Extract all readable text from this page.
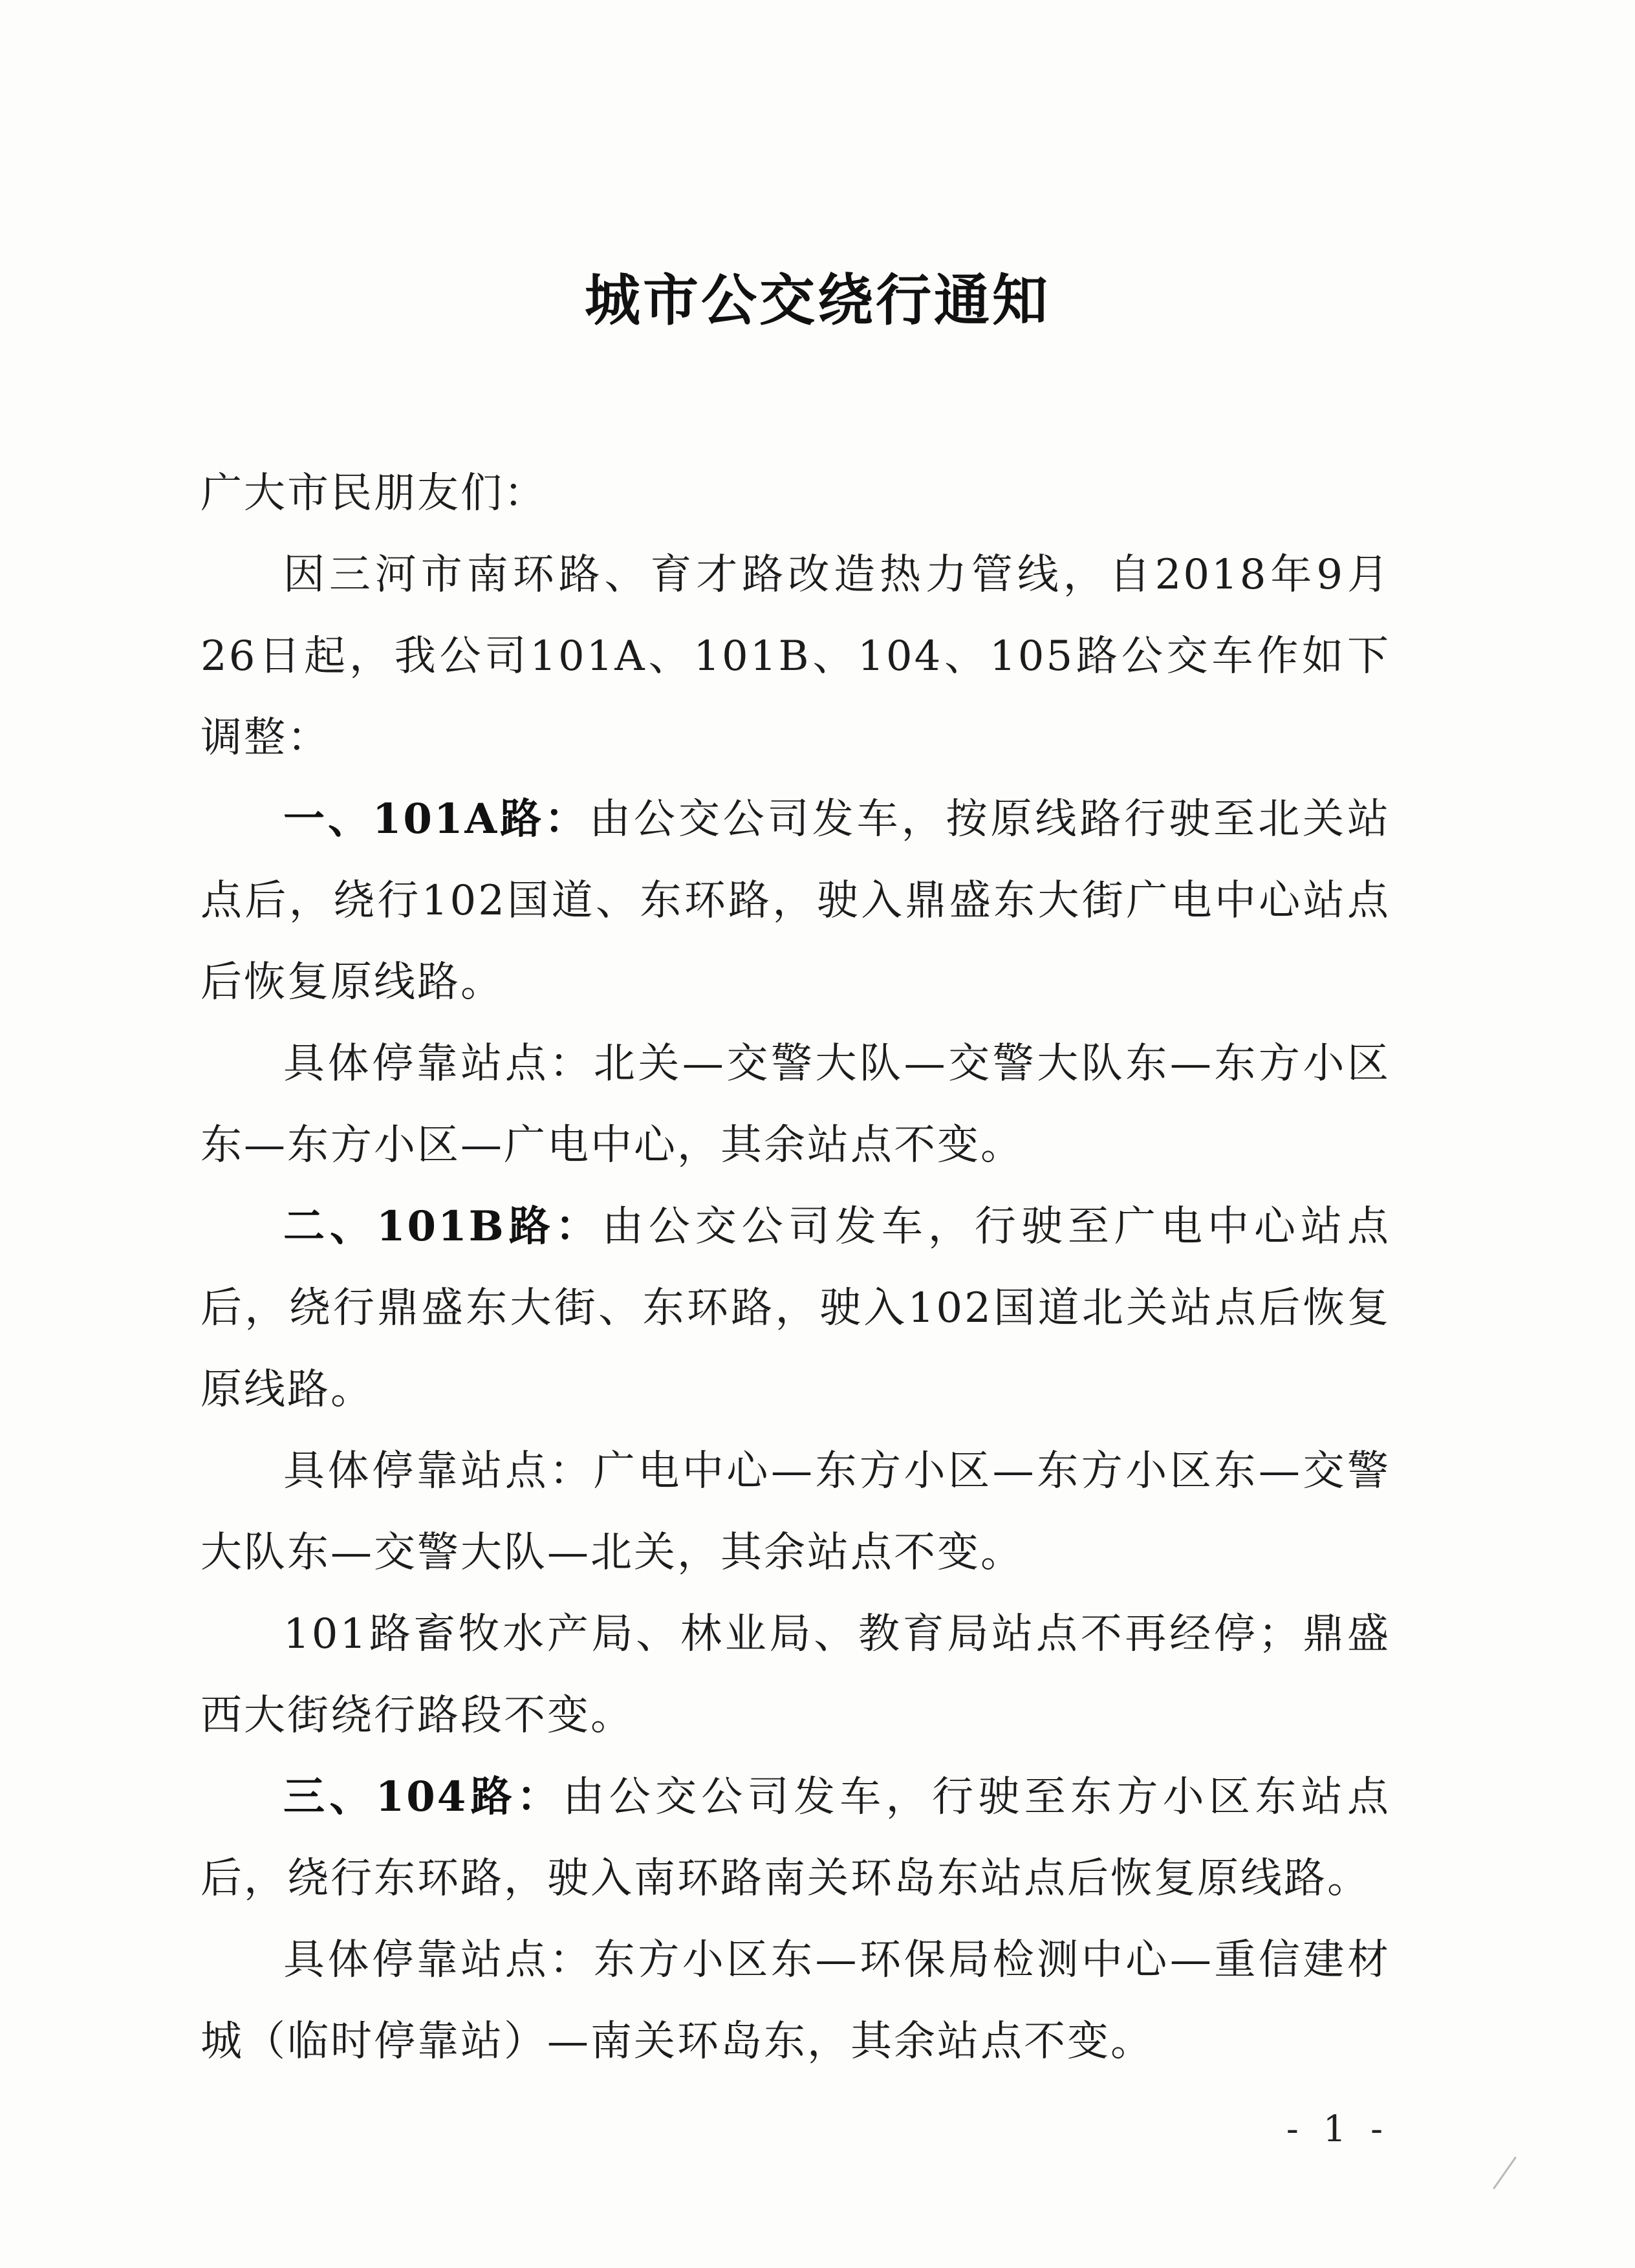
城市公交绕行通知

广大市民朋友们：

因三河市南环路、育才路改造热力管线，自2018年9月26日起，我公司101A、101B、104、105路公交车作如下调整：

一、101A路：由公交公司发车，按原线路行驶至北关站点后，绕行102国道、东环路，驶入鼎盛东大街广电中心站点后恢复原线路。

具体停靠站点：北关—交警大队—交警大队东—东方小区东—东方小区—广电中心，其余站点不变。

二、101B路：由公交公司发车，行驶至广电中心站点后，绕行鼎盛东大街、东环路，驶入102国道北关站点后恢复原线路。

具体停靠站点：广电中心—东方小区—东方小区东—交警大队东—交警大队—北关，其余站点不变。

101路畜牧水产局、林业局、教育局站点不再经停；鼎盛西大街绕行路段不变。

三、104路：由公交公司发车，行驶至东方小区东站点后，绕行东环路，驶入南环路南关环岛东站点后恢复原线路。

具体停靠站点：东方小区东—环保局检测中心—重信建材城（临时停靠站）—南关环岛东，其余站点不变。

- 1 -
